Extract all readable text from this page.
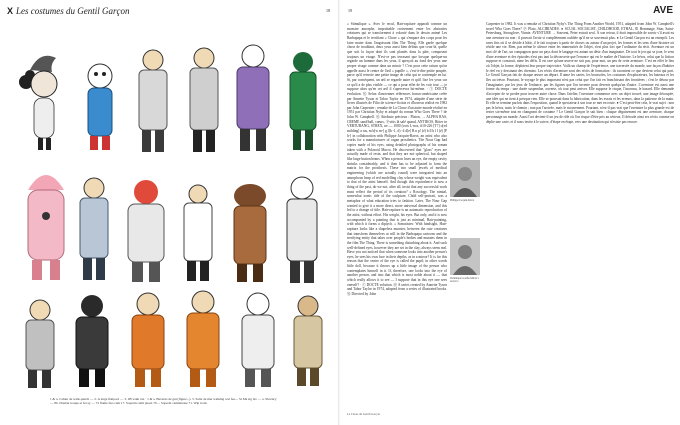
X Les costumes du Gentil Garçon	18
1 & a. Cahier de walk-punch — 2. A large fishpool — 3. 2B walk ton · 1 & a. Baverns de gui (figure...). 5. Salta de mer walking wal fes— Si Ma sig lav — a. Shorncy — 8b. Double troupe et fei ay — 72 flame fers cam 17. Sopertn cami ploen 70 ... Sopertn caminisone 71. Wip troin.
19	AVE

« Stimulique ». Avec le recul, Hair-rapiture apparaît comme un monstre amorphe, improbable croisement entre les abstraites créatures qui se transforment à volonté dans le dessin animé Les Barbapapa et le terrifiant « Chose » qui s'empare des corps pour les faire muter dans l'angoissant film The Thing. Elle garde quelque chose de troublant, deux yeux aussi bien définis que ceux-là, quelle que soit la façon dont ils sont plantés dans la pâte, composent toujours un visage. N'est-ce pas terrasant que lorsque quelque-un regarde un homme dans les yeux, il aperçoit au fond des yeux une propre visage comme dans un miroir ? C'est pour cette raison qu'on appelle aussi le centre de l'œil « pupille », c'est-à-dire petite poupée, parce qu'il renvoie une petite image de celui qui se contemple en lui. Si, par conséquent, un œil se regarde autre et qu'il fixe les yeux sur ce qu'il a de plus visible — ce qui a pour effet de les voir tout — je suppose alors qu'en cet œil il s'apercevra lui-même. · Ⓣ DOCTE évolution. Ⓦ Selon d'anciennes références franco-américaine créée par Annette Tyson et Tabor Taylor en 1974, adaptée d'une série de livres illustrés de Filio de science-fiction et d'horreur réalisé en 1982 par John Carpenter ; remake de La Chose d'un autre monde réalisé en 1951 par Christian Nyby et adapté du roman Who Goes There ? de John W. Campbell. Ⓦ Attribute précieux : Platon, → ALPHA RAS, CREME sand/ball, cœurs, Ⓟvitis là salé quand, ANTIKOS, Ritter in VERTURANG, STREX, ne — 1000 (vois L-nos, #10-226 [T?] o[ed milding] a ras, m b[w m-] g l[b -1, d) -4 d[e] B n p! (é) b ll b l l (é) [P h-] in collaboration with Philippe Jacquin-Ravot, an artist who also works for a manufacturer of organ prosthetics. The Nour Gap had copies made of his eyes, using detailed photographs of his roman taken with a Polaroid Macro. He discovered that "glass" eyes are actually made of resin, and that they are not spherical, but shaped like large button beans. When a person loses an eye, the empty cavity shrinks considerably, and it then has to be adjusted to form the matrix for the prosthesis. These two small jewels of medical engineering (which are actually round) were integrated into an amorphous heap of red modelling clay whose weight was equivalent to that of the artist himself. And though this equivalence is now a thing of the past, do we not, after all, insist that any successful work must reflect the period of its creation? « Rosology. The nimial, somewhat ironic title of the sculpture, Child self-portrait, was a metaphor of what education tries to fashion. Later, The Nour Gap wanted to give it a more direct, more universal dimension, and this led to a change of title. Hair-rapiture is an automatic reproduction of the artist, without effort. His weight, his eyes. But only, and it is now accompanied by a painting that is just as minimal, Hair-painting, with which it forms a diptych. « Somatistes: With hindsight, Hair-rapiture looks like a shapeless monster, between the cute creatures that transform themselves at will in the Barbapapa cartoons and the terrifying entity that takes over people's bodies and mutates them in the film The Thing. There is something disturbing about it. And such well-defined eyes, however they are set in the clay, always seem real. Have you not noticed that when someone looks into another person's eyes, he sees his own face in their depths, as in a mirror? It is for this reason that the centre of the eye is called the pupil; in other words little doll, because it throws up a little image of the person who contemplates himself in it. If, therefore, one looks into the eye of another person, and into that which is most noble about it — that which really allows it to see — I suppose that in this eye one sees oneself? · Ⓣ DOCTE volution. Ⓦ A series created by Annette Tyson and Tabor Taylor in 1974, adapted from a series of illustrated books. Ⓦ Directed by John

Philippe Jacquin-Ravot
Dominique Gonfle-Miroir a sauvé la

Carpenter in 1982. It was a remake of Christian Nyby's The Thing From Another World, 1951, adapted from John W. Campbell's novel Who Goes There? Ⓟ Plato, ALCIBIADES. ● SCUAL SOCIALIST, CHILDHOOD, ETHAL, Œ Hommage, Sitar, Saint-Petersburg, Stronglove, Vinnie. AVENTURE → Souvent, Peter extrait seul. À son retour, il était impossible de savoir s'il avait eu une aventure ou non : il pouvait l'avoir si complètement oubliée qu'il ne se souvenait plus. ● Le Gentil Garçon est un entrepôt. Les rares fins où il se décide à bâtir, il le fait toujours à partir de choses ou autour d'un projet, les formes et les sens d'une histoire où réside une vie. Rien, pas même le silence entre les immensités de l'objet, n'est plus fort que l'ordinaire du récit. Aventure est un mot clé de l'art, un compagnon pour un pays dont le langage est autant un désir d'un imaginaire. De tout le jeu qui se joue, le sens d'une aventure et des épisodes n'est pas tant la découverte que l'errance qui est le maître de l'histoire. Le héros, celui que la fiction suppose et construit, aime les défis. Il est rare qu'une œuvre ne soit pas, pour moi, un peu de cette aventure. C'est en effet le lieu où l'objet, la forme, déploient leur propre trajectoire. Voilà un champ de l'expérience, une traversée du monde, une façon d'habiter le réel en y dessinant des chemins. Les récits d'aventure sont des récits de formation : ils racontent ce que devient celui qui part. Le Gentil Garçon fait de chaque œuvre un départ. Il aime les cartes, les boussoles, les costumes d'explorateurs, les bateaux et les îles au trésor. Pourtant, le voyage le plus important n'est pas celui que l'on fait en franchissant des frontières ; c'est le détour par l'imaginaire, par les jeux de l'enfance, par les figures que l'on invente pour devenir quelqu'un d'autre. L'aventure est aussi une forme du temps : une durée suspendue, ouverte, où tout peut arriver. Elle suppose le risque, l'inconnu, le hasard. Elle demande d'accepter de se perdre pour trouver autre chose. Dans l'atelier, l'aventure commence avec un objet trouvé, une image découpée, une idée qui ne tient à presque rien. Elle se poursuit dans la fabrication, dans les essais et les erreurs, dans la patience de la main. Et elle se termine parfois dans l'exposition, quand le spectateur à son tour se met en route. ● C'est peut-être cela, le vrai sujet : non pas le héros, mais le chemin ; non pas l'arrivée, mais le mouvement. Pourtant, n'est-il pas vrai que l'aventure la plus grande est de rester soi-même tout en changeant de costume ? Le Gentil Garçon le sait bien : chaque déguisement est une aventure, chaque personnage un monde. Aussi l'art devient-il un jeu de rôle où l'on risque d'être pris au sérieux. Il déroule ainsi ses récits comme on déplie une carte, et il nous invite à le suivre, d'étape en étape, vers une destination qui n'existe pas encore.

La Chose du Gentil Garçon
